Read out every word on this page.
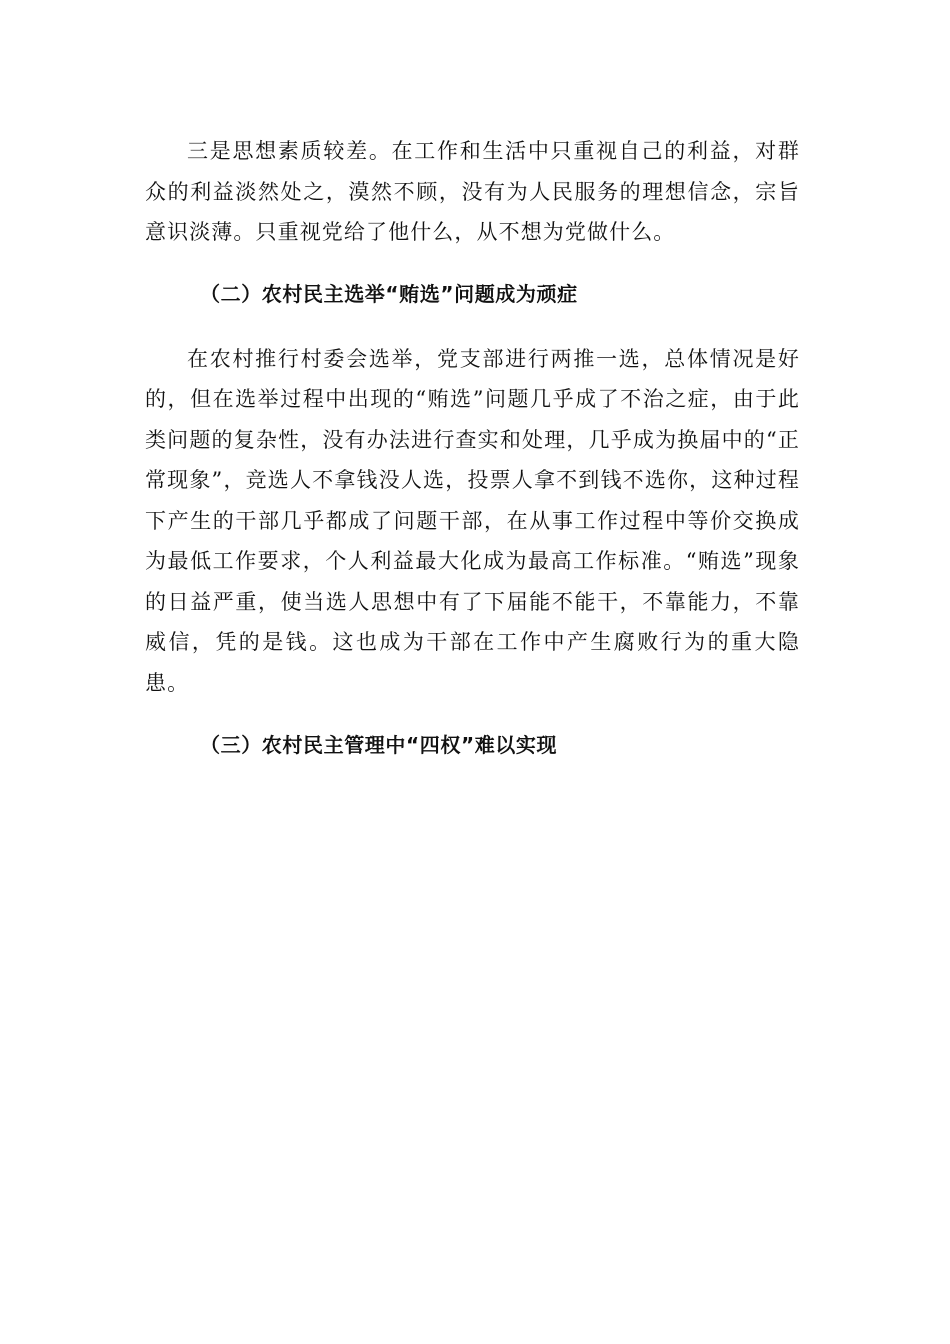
三是思想素质较差。在工作和生活中只重视自己的利益，对群众的利益淡然处之，漠然不顾，没有为人民服务的理想信念，宗旨意识淡薄。只重视党给了他什么，从不想为党做什么。

（二）农村民主选举“贿选”问题成为顽症

在农村推行村委会选举，党支部进行两推一选，总体情况是好的，但在选举过程中出现的“贿选”问题几乎成了不治之症，由于此类问题的复杂性，没有办法进行查实和处理，几乎成为换届中的“正常现象”，竞选人不拿钱没人选，投票人拿不到钱不选你，这种过程下产生的干部几乎都成了问题干部，在从事工作过程中等价交换成为最低工作要求，个人利益最大化成为最高工作标准。“贿选”现象的日益严重，使当选人思想中有了下届能不能干，不靠能力，不靠威信，凭的是钱。这也成为干部在工作中产生腐败行为的重大隐患。

（三）农村民主管理中“四权”难以实现
